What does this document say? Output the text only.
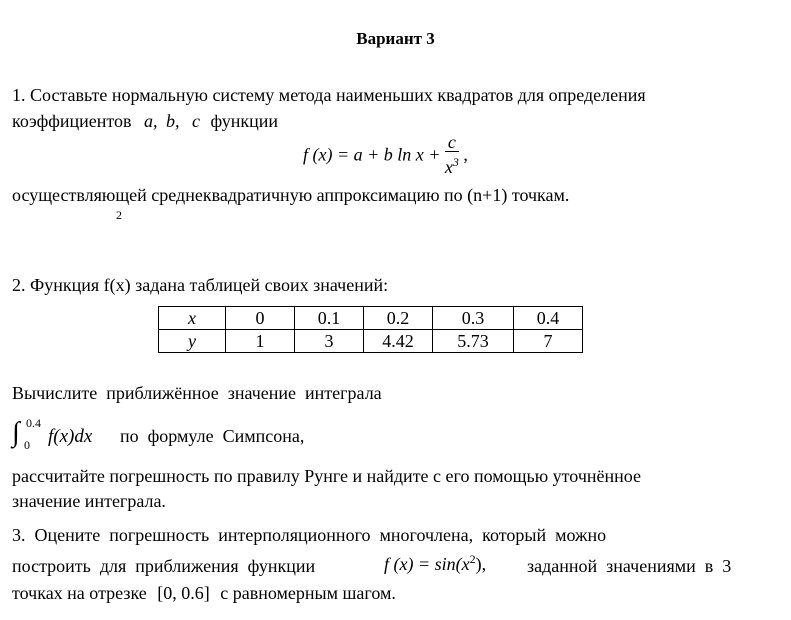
Вариант 3
1. Составьте нормальную систему метода наименьших квадратов для определения
коэффициентов a, b, c функции
f (x) = a + b $\ln x + \frac{c}{x^3}$ ,
осуществляющей среднеквадратичную аппроксимацию по (n+1) точкам.
2
2. Функция f(x) задана таблицей своих значений:
x	0	0.1	0.2	0.3	0.4
y	1	3	4.42	5.73	7
Вычислите  приближённое  значение  интеграла
∫ 0.4
0 f(x)dx по  формуле  Симпсона,
рассчитайте погрешность по правилу Рунге и найдите с его помощью уточнённое
значение интеграла.
3.  Оцените  погрешность  интерполяционного  многочлена,  который  можно
построить  для  приближения  функции	f $(x) = \sin(x^2)$, заданной  значениями  в  3
точках на отрезке [0, 0.6] с равномерным шагом.
